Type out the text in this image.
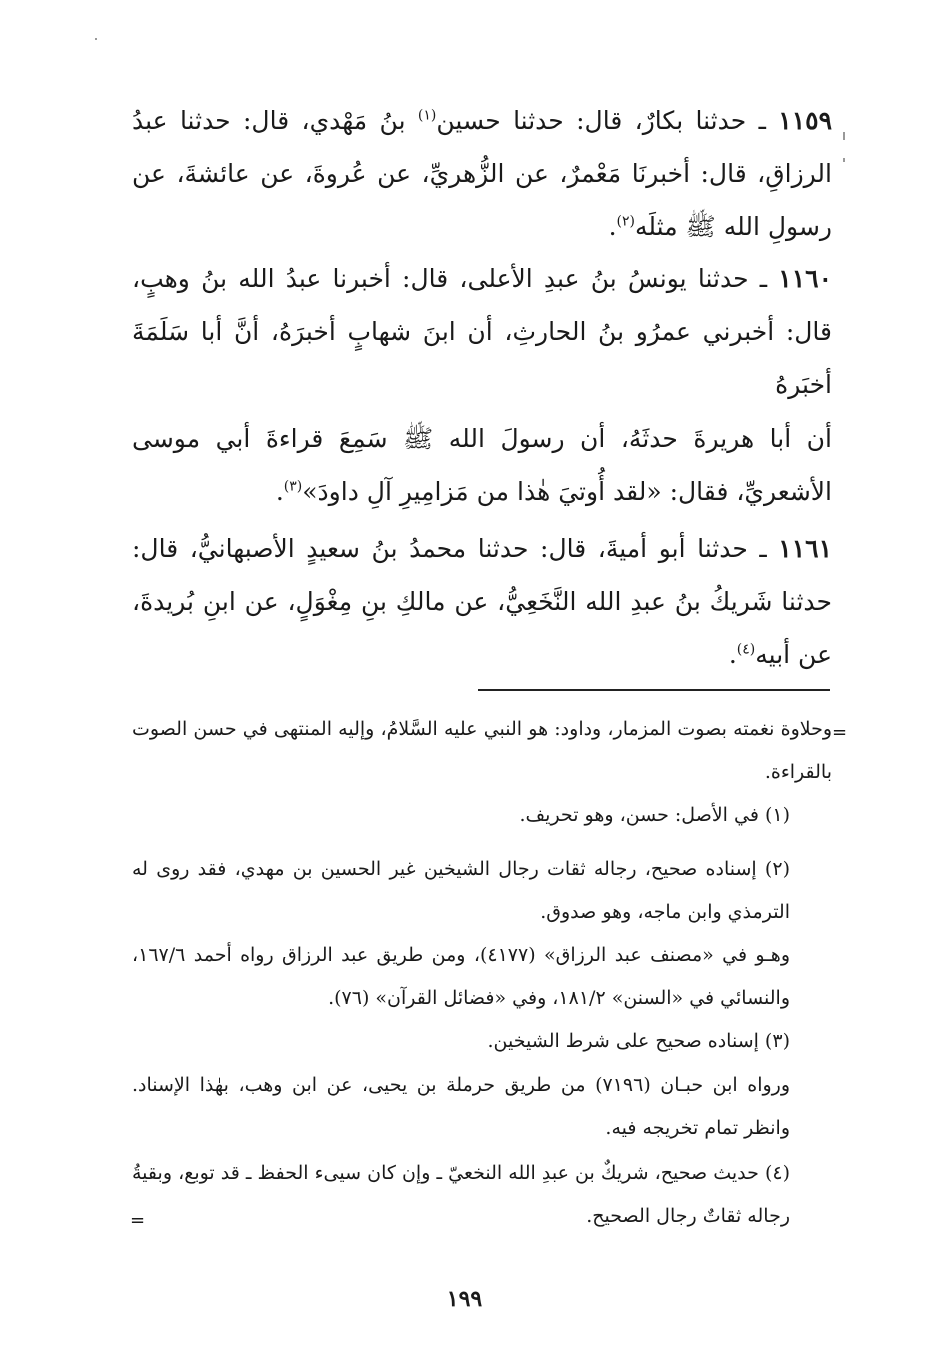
١١٥٩ ـ حدثنا بكارٌ، قال: حدثنا حسين$^{(١)}$ بنُ مَهْدي، قال: حدثنا عبدُ الرزاقِ، قال: أخبرنَا مَعْمرٌ، عن الزُّهريِّ، عن عُروةَ، عن عائشةَ، عن رسولِ الله ﷺ مثلَه$^{(٢)}$.
١١٦٠ ـ حدثنا يونسُ بنُ عبدِ الأعلى، قال: أخبرنا عبدُ الله بنُ وهبٍ، قال: أخبرني عمرُو بنُ الحارثِ، أن ابنَ شهابٍ أخبرَهُ، أنَّ أبا سَلَمَةَ أخبَرهُ
أن أبا هريرةَ حدثَهُ، أن رسولَ الله ﷺ سَمِعَ قراءةَ أبي موسى الأشعريِّ، فقال: «لقد أُوتيَ هٰذا من مَزامِيرِ آلِ داودَ»$^{(٣)}$.
١١٦١ ـ حدثنا أبو أميةَ، قال: حدثنا محمدُ بنُ سعيدٍ الأصبهانيُّ، قال: حدثنا شَريكُ بنُ عبدِ الله النَّخَعِيُّ، عن مالكِ بنِ مِغْوَلٍ، عن ابنِ بُريدةَ، عن أبيه$^{(٤)}$.
=
وحلاوة نغمته بصوت المزمار، وداود: هو النبي عليه السَّلامُ، وإليه المنتهى في حسن الصوت بالقراءة.
(١) في الأصل: حسن، وهو تحريف.
(٢) إسناده صحيح، رجاله ثقات رجال الشيخين غير الحسين بن مهدي، فقد روى له الترمذي وابن ماجه، وهو صدوق.
وهـو في «مصنف عبد الرزاق» (٤١٧٧)، ومن طريق عبد الرزاق رواه أحمد ١٦٧/٦، والنسائي في «السنن» ١٨١/٢، وفي «فضائل القرآن» (٧٦).
(٣) إسناده صحيح على شرط الشيخين.
ورواه ابن حبـان (٧١٩٦) من طريق حرملة بن يحيى، عن ابن وهب، بهٰذا الإسناد. وانظر تمام تخريجه فيه.
(٤) حديث صحيح، شريكٌ بن عبدِ الله النخعيّ ـ وإن كان سيىء الحفظ ـ قد توبع، وبقيةُ رجاله ثقاتٌ رجال الصحيح.
=
١٩٩
